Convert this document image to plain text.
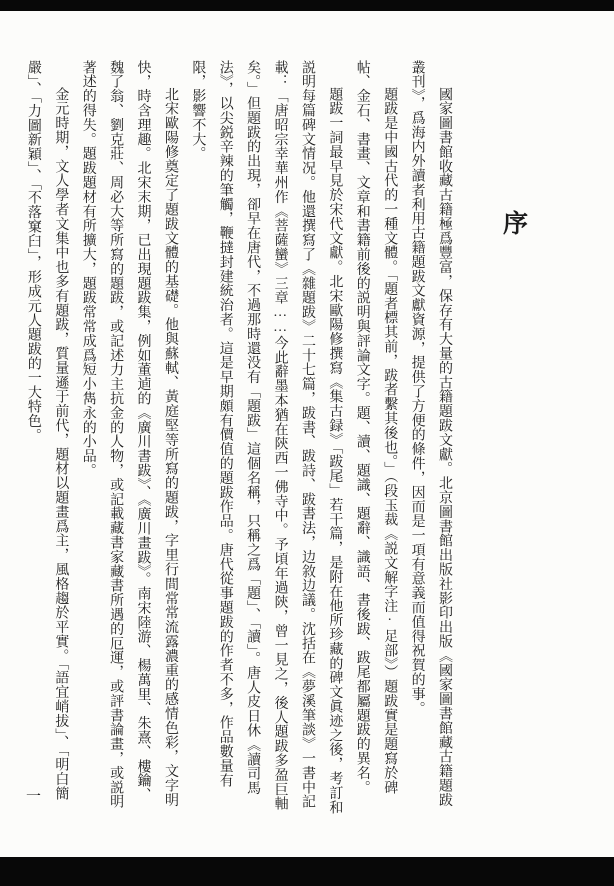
序

國家圖書館收藏古籍極爲豐富，保存有大量的古籍題跋文獻。北京圖書館出版社影印出版《國家圖書館藏古籍題跋叢刊》，爲海内外讀者利用古籍題跋文獻資源，提供了方便的條件，因而是一項有意義而值得祝賀的事。

題跋是中國古代的一種文體。「題者標其前，跋者繫其後也。」（段玉裁《説文解字注·足部》）題跋實是題寫於碑帖、金石、書畫、文章和書籍前後的説明與評論文字。題、讀、題識、題辭、識語、書後跋、跋尾都屬題跋的異名。

題跋一詞最早見於宋代文獻。北宋歐陽修撰寫《集古録》「跋尾」若干篇，是附在他所珍藏的碑文眞迹之後，考訂和説明每篇碑文情况。他還撰寫了《雜題跋》二十七篇，跋書、跋詩、跋書法，边敘边議。沈括在《夢溪筆談》一書中記載：「唐昭宗幸華州作《菩薩蠻》三章……今此辭墨本猶在陝西一佛寺中。予頃年過陝，曾一見之，後人題跋多盈巨軸矣。」但題跋的出現，卻早在唐代，不過那時還没有「題跋」這個名稱，只稱之爲「題」、「讀」。唐人皮日休《讀司馬法》，以尖鋭辛辣的筆觸，鞭撻封建統治者。這是早期頗有價值的題跋作品。唐代從事題跋的作者不多，作品數量有限，影響不大。

北宋歐陽修奠定了題跋文體的基礎。他與蘇軾、黃庭堅等所寫的題跋，字里行間常常流露濃重的感情色彩，文字明快，時含理趣。北宋末期，已出現題跋集，例如董逌的《廣川書跋》、《廣川畫跋》。南宋陸游、楊萬里、朱熹、樓鑰、魏了翁、劉克莊、周必大等所寫的題跋，或記述力主抗金的人物，或記載藏書家藏書所遇的厄運，或評書論畫，或説明著述的得失。題跋題材有所擴大，題跋常常成爲短小雋永的小品。

金元時期，文人學者文集中也多有題跋，質量遜于前代，題材以題畫爲主，風格趨於平實。「語宜峭拔」、「明白簡嚴」、「力圖新穎」、「不落窠臼」，形成元人題跋的一大特色。

一
